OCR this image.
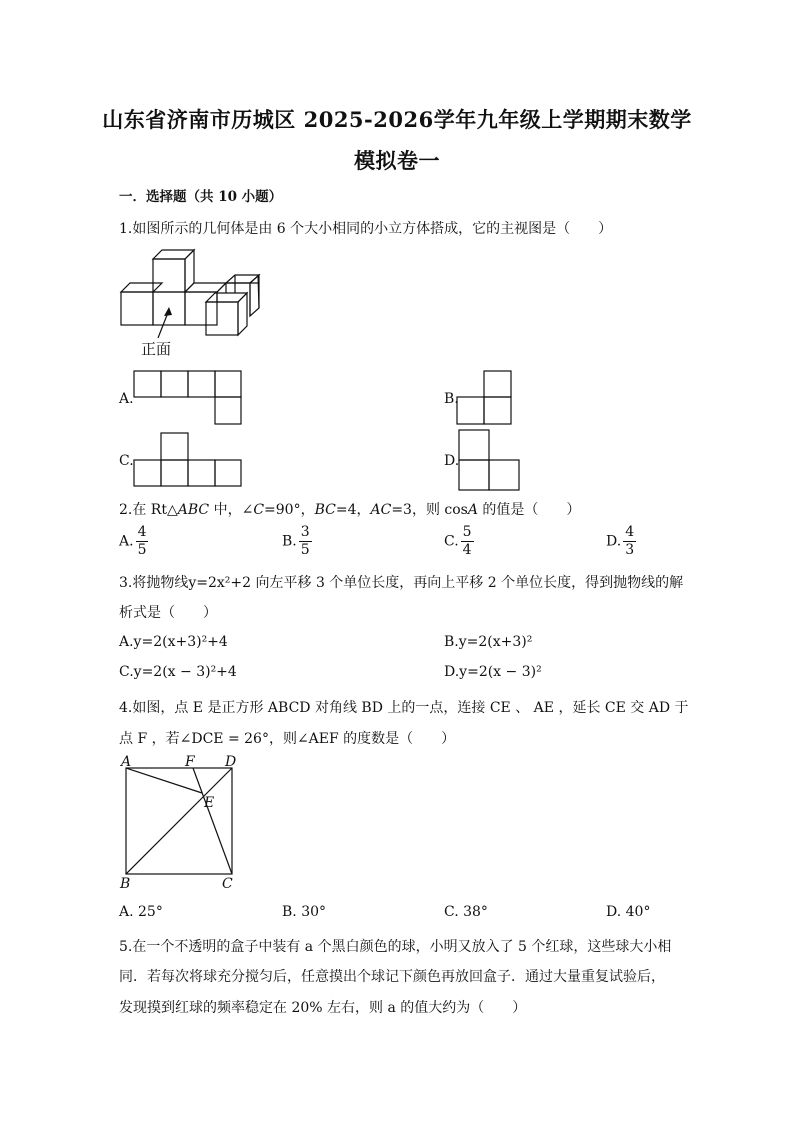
山东省济南市历城区 2025-2026学年九年级上学期期末数学
模拟卷一
一．选择题（共 10 小题）
1.如图所示的几何体是由 6 个大小相同的小立方体搭成，它的主视图是（　　）
正面
A.	B.
C.	D.
2.在 Rt△ABC 中，∠C=90°，BC=4，AC=3，则 cosA 的值是（　　）
A. $\frac{4}{5}$	B. $\frac{3}{5}$	C. $\frac{5}{4}$	D. $\frac{4}{3}$
3.将抛物线y=2x²+2 向左平移 3 个单位长度，再向上平移 2 个单位长度，得到抛物线的解
析式是（　　）
A.y=2(x+3)²+4	B.y=2(x+3)²
C.y=2(x − 3)²+4	D.y=2(x − 3)²
4.如图，点 E 是正方形 ABCD 对角线 BD 上的一点，连接 CE 、 AE ，延长 CE 交 AD 于
点 F ，若∠DCE = 26°，则∠AEF 的度数是（　　）
A	F D
E
B	C
A. 25°	B. 30°	C. 38°	D. 40°
5.在一个不透明的盒子中装有 a 个黑白颜色的球，小明又放入了 5 个红球，这些球大小相
同．若每次将球充分搅匀后，任意摸出个球记下颜色再放回盒子．通过大量重复试验后，
发现摸到红球的频率稳定在 20% 左右，则 a 的值大约为（　　）
